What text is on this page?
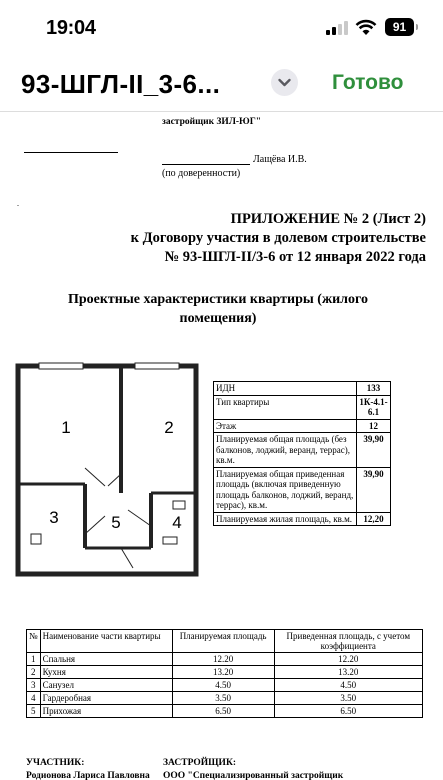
19:04	91
93-ШГЛ-II_3-6...	Готово
застройщик ЗИЛ-ЮГ"
Лащёва И.В.
(по доверенности)
.
ПРИЛОЖЕНИЕ № 2 (Лист 2)
к Договору участия в долевом строительстве
№ 93-ШГЛ-II/3-6 от 12 января 2022 года
Проектные характеристики квартиры (жилого помещения)
1	2
3	5	4
ИДН	133
Тип квартиры	1К-4.1-6.1
Этаж	12
Планируемая общая площадь (без балконов, лоджий, веранд, террас), кв.м.	39,90
Планируемая общая приведенная площадь (включая приведенную площадь балконов, лоджий, веранд, террас), кв.м.	39,90
Планируемая жилая площадь, кв.м.	12,20
№	Наименование части квартиры	Планируемая площадь	Приведенная площадь, с учетом коэффициента
1	Спальня	12.20	12.20
2	Кухня	13.20	13.20
3	Санузел	4.50	4.50
4	Гардеробная	3.50	3.50
5	Прихожая	6.50	6.50
УЧАСТНИК:	ЗАСТРОЙЩИК:
Родионова Лариса Павловна ООО "Специализированный застройщик
